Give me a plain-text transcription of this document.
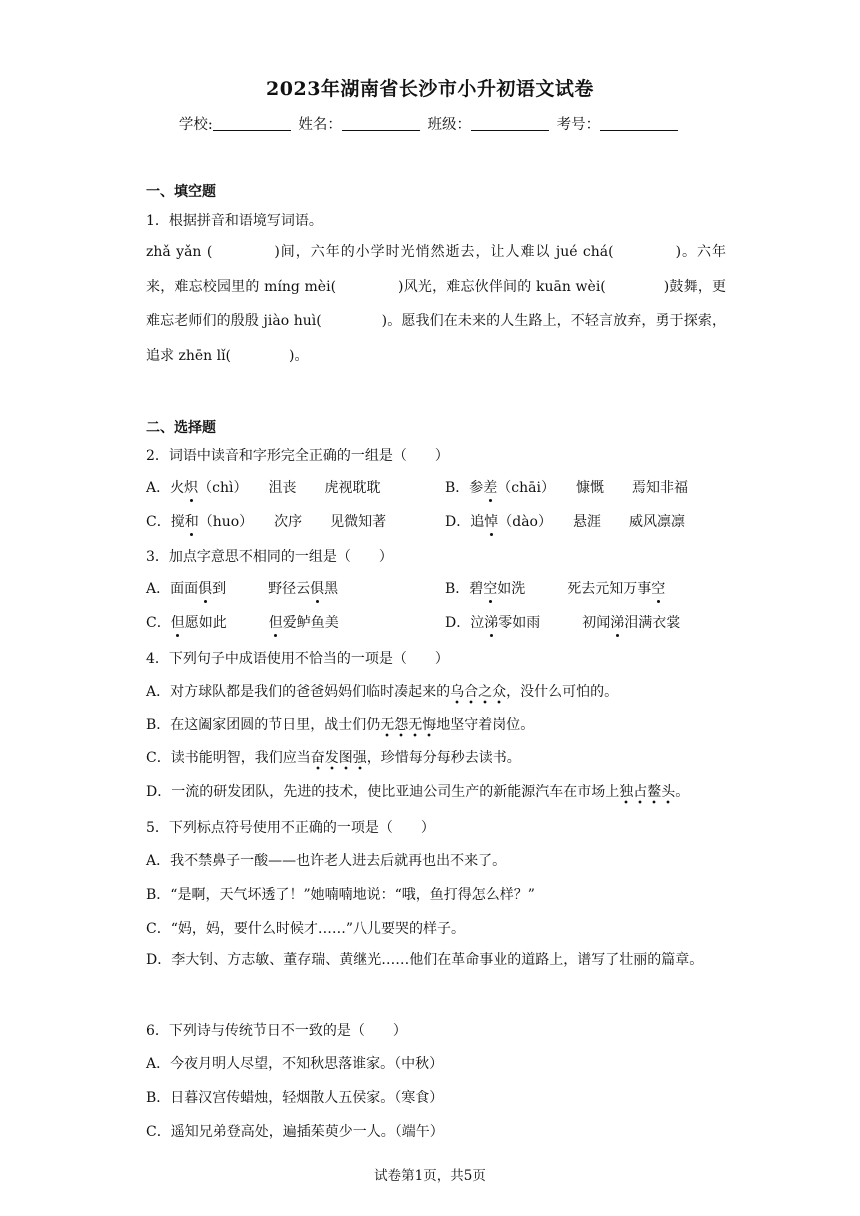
2023年湖南省长沙市小升初语文试卷
学校:	姓名：	班级：	考号：
一、填空题
1．根据拼音和语境写词语。
zhǎ yǎn (	)间，六年的小学时光悄然逝去，让人难以 jué chá(	)。六年来，难忘校园里的 míng mèi(	)风光，难忘伙伴间的 kuān wèi(	)鼓舞，更难忘老师们的殷殷 jiào huì(	)。愿我们在未来的人生路上，不轻言放弃，勇于探索，追求 zhēn lǐ(	)。
二、选择题
2．词语中读音和字形完全正确的一组是（　　）
A．火炽（chì）　　沮丧　　虎视耽耽	B．参差（chāi）　　慷慨　　焉知非福
C．搅和（huo）　　次序　　见微知著	D．追悼（dào）　　悬涯　　威风凛凛
3．加点字意思不相同的一组是（　　）
A．面面俱到　　　野径云俱黑	B．碧空如洗　　　死去元知万事空
C．但愿如此　　　但爱鲈鱼美	D．泣涕零如雨　　　初闻涕泪满衣裳
4．下列句子中成语使用不恰当的一项是（　　）
A．对方球队都是我们的爸爸妈妈们临时凑起来的乌合之众，没什么可怕的。
B．在这阖家团圆的节日里，战士们仍无怨无悔地坚守着岗位。
C．读书能明智，我们应当奋发图强，珍惜每分每秒去读书。
D．一流的研发团队，先进的技术，使比亚迪公司生产的新能源汽车在市场上独占鳌头。
5．下列标点符号使用不正确的一项是（　　）
A．我不禁鼻子一酸——也许老人进去后就再也出不来了。
B．“是啊，天气坏透了！”她喃喃地说：“哦，鱼打得怎么样？”
C．“妈，妈，要什么时候才……”八儿要哭的样子。
D．李大钊、方志敏、董存瑞、黄继光……他们在革命事业的道路上，谱写了壮丽的篇章。
6．下列诗与传统节日不一致的是（　　）
A．今夜月明人尽望，不知秋思落谁家。（中秋）
B．日暮汉宫传蜡烛，轻烟散人五侯家。（寒食）
C．遥知兄弟登高处，遍插茱萸少一人。（端午）
试卷第1页，共5页
